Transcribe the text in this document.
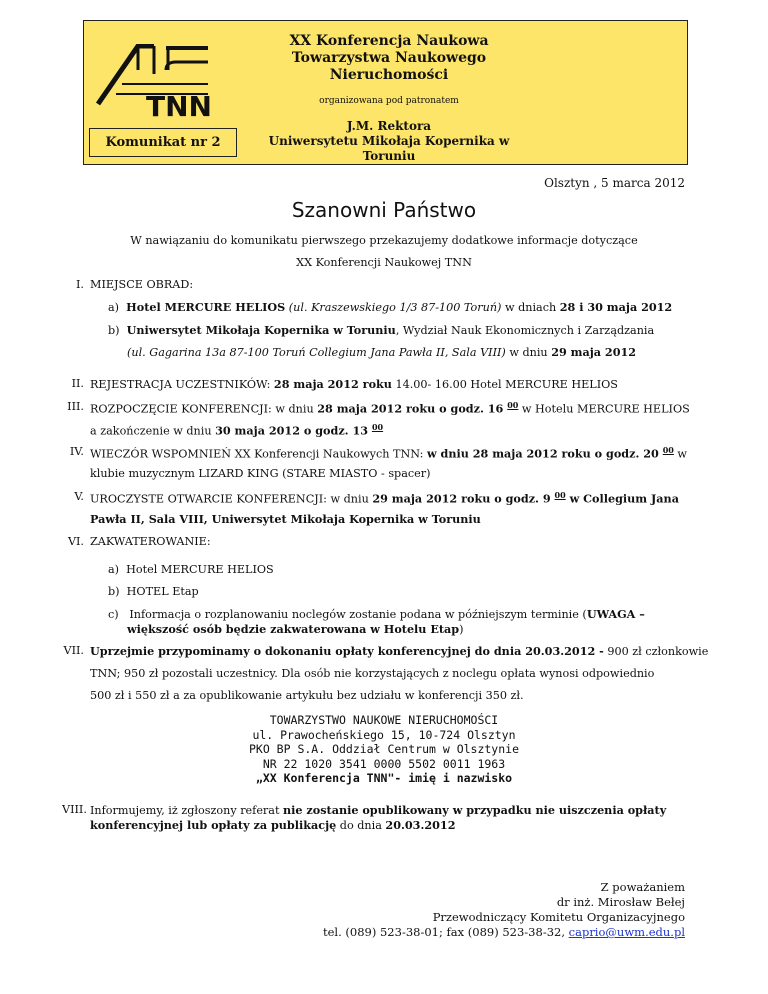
TNN
XX Konferencja Naukowa
Towarzystwa Naukowego
Nieruchomości
organizowana pod patronatem
J.M. Rektora
Uniwersytetu Mikołaja Kopernika w Toruniu
Komunikat nr 2
Olsztyn , 5 marca 2012
Szanowni Państwo
W nawiązaniu do komunikatu pierwszego przekazujemy dodatkowe informacje dotyczące
XX Konferencji Naukowej TNN
I. MIEJSCE OBRAD:
a) Hotel MERCURE HELIOS (ul. Kraszewskiego 1/3 87-100 Toruń) w dniach 28 i 30 maja 2012
b) Uniwersytet Mikołaja Kopernika w Toruniu, Wydział Nauk Ekonomicznych i Zarządzania
(ul. Gagarina 13a 87-100 Toruń Collegium Jana Pawła II, Sala VIII) w dniu 29 maja 2012
II. REJESTRACJA UCZESTNIKÓW: 28 maja 2012 roku 14.00- 16.00 Hotel MERCURE HELIOS
III. ROZPOCZĘCIE KONFERENCJI: w dniu 28 maja 2012 roku o godz. 16 $^{00}$ w Hotelu MERCURE HELIOS
a zakończenie w dniu 30 maja 2012 o godz. 13 $^{00}$
IV. WIECZÓR WSPOMNIEŃ XX Konferencji Naukowych TNN: w dniu 28 maja 2012 roku o godz. 20 $^{00}$ w
klubie muzycznym LIZARD KING (STARE MIASTO - spacer)
V. UROCZYSTE OTWARCIE KONFERENCJI: w dniu 29 maja 2012 roku o godz. 9 $^{00}$ w Collegium Jana
Pawła II, Sala VIII, Uniwersytet Mikołaja Kopernika w Toruniu
VI. ZAKWATEROWANIE:
a) Hotel MERCURE HELIOS
b) HOTEL Etap
c)   Informacja o rozplanowaniu noclegów zostanie podana w późniejszym terminie (UWAGA –
większość osób będzie zakwaterowana w Hotelu Etap)
VII. Uprzejmie przypominamy o dokonaniu opłaty konferencyjnej do dnia 20.03.2012 - 900 zł członkowie
TNN; 950 zł pozostali uczestnicy. Dla osób nie korzystających z noclegu opłata wynosi odpowiednio
500 zł i 550 zł a za opublikowanie artykułu bez udziału w konferencji 350 zł.
TOWARZYSTWO NAUKOWE NIERUCHOMOŚCI
ul. Prawocheńskiego 15, 10-724 Olsztyn
PKO BP S.A. Oddział Centrum w Olsztynie
NR 22 1020 3541 0000 5502 0011 1963
„XX Konferencja TNN"- imię i nazwisko
VIII. Informujemy, iż zgłoszony referat nie zostanie opublikowany w przypadku nie uiszczenia opłaty
konferencyjnej lub opłaty za publikację do dnia 20.03.2012
Z poważaniem
dr inż. Mirosław Bełej
Przewodniczący Komitetu Organizacyjnego
tel. (089) 523-38-01; fax (089) 523-38-32, caprio@uwm.edu.pl
